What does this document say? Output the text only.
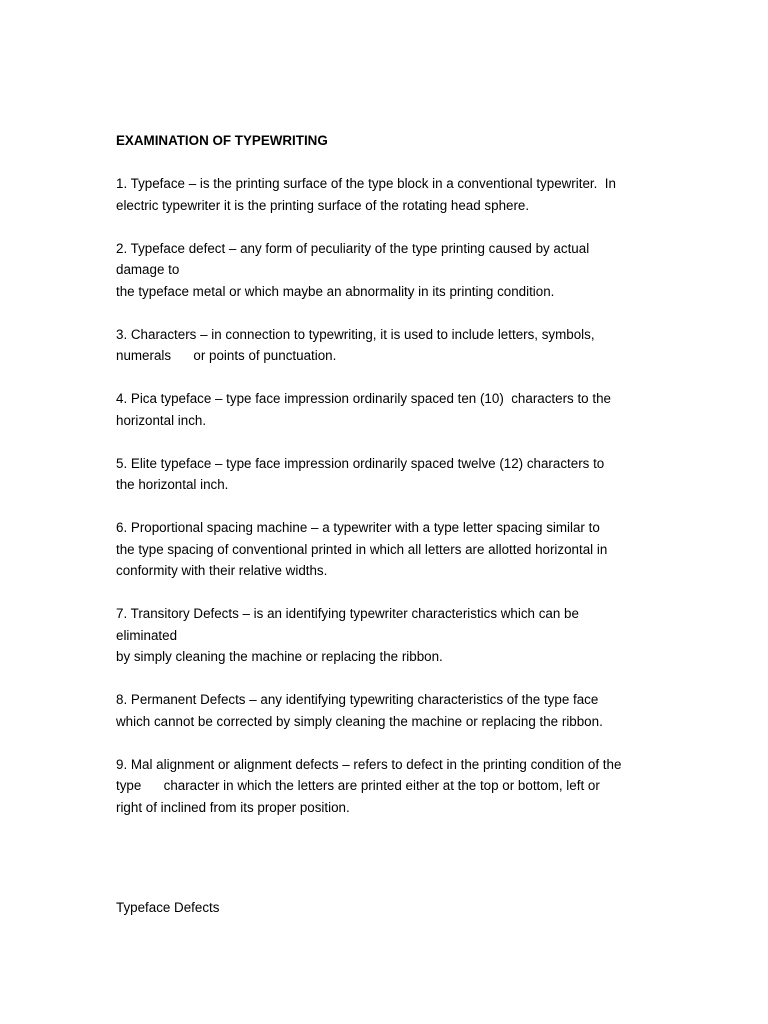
EXAMINATION OF TYPEWRITING
1. Typeface – is the printing surface of the type block in a conventional typewriter.  In
electric typewriter it is the printing surface of the rotating head sphere.
2. Typeface defect – any form of peculiarity of the type printing caused by actual
damage to
the typeface metal or which maybe an abnormality in its printing condition.
3. Characters – in connection to typewriting, it is used to include letters, symbols,
numerals      or points of punctuation.
4. Pica typeface – type face impression ordinarily spaced ten (10)  characters to the
horizontal inch.
5. Elite typeface – type face impression ordinarily spaced twelve (12) characters to
the horizontal inch.
6. Proportional spacing machine – a typewriter with a type letter spacing similar to
the type spacing of conventional printed in which all letters are allotted horizontal in
conformity with their relative widths.
7. Transitory Defects – is an identifying typewriter characteristics which can be
eliminated
by simply cleaning the machine or replacing the ribbon.
8. Permanent Defects – any identifying typewriting characteristics of the type face
which cannot be corrected by simply cleaning the machine or replacing the ribbon.
9. Mal alignment or alignment defects – refers to defect in the printing condition of the
type      character in which the letters are printed either at the top or bottom, left or
right of inclined from its proper position.
Typeface Defects
